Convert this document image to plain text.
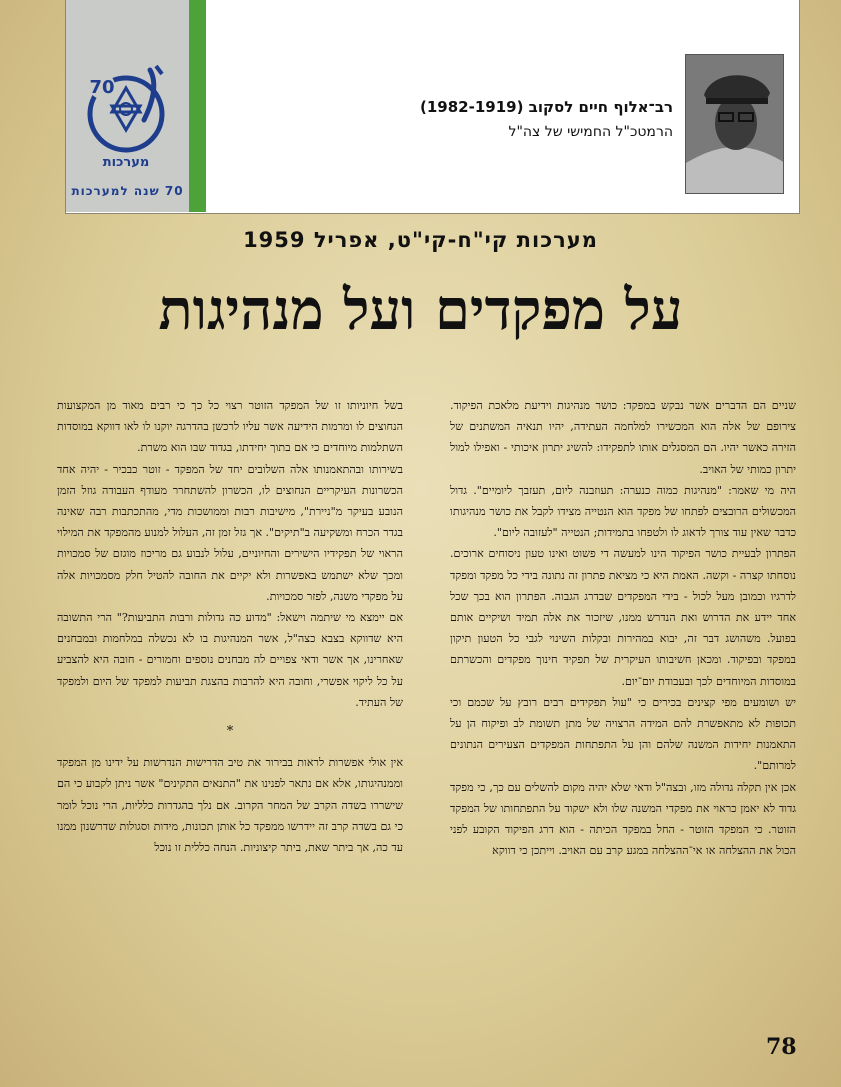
70
מערכות
70 שנה למערכות
רב־אלוף חיים לסקוב (1982-1919)
הרמטכ"ל החמישי של צה"ל
מערכות קי"ח-קי"ט, אפריל 1959
על מפקדים ועל מנהיגות

שניים הם הדברים אשר נבקש במפקד: כושר מנהיגות וידיעת מלאכת הפיקוד. צירופם של אלה הוא המכשירו למלחמה העתידה, יהיו תנאיה המשתנים של הזירה כאשר יהיו. הם המסגלים אותו לתפקידו: להשיג יתרון איכותי - ואפילו למול יתרון כמותי של האויב.

היה מי שאמר: "מנהיגות כמוה כנערה: תעוזבנה ליום, תעזבך ליומיים". גדול המכשולים הרובצים לפתחו של מפקד הוא הנטייה מצידו לקבל את כושר מנהיגותו כדבר שאין עוד צורך לדאוג לו ולטפחו בתמידות; הנטייה "לעזובה ליום".

הפתרון לבעיית כושר הפיקוד הינו למעשה די פשוט ואינו טעון ניסוחים ארוכים. נוסחתו קצרה - וקשה. האמת היא כי מציאת פתרון זה נתונה בידי כל מפקד ומפקד לדרגיו וכמובן מעל לכול - בידי המפקדים שבדרג הגבוה. הפתרון הוא בכך שכל אחד יידע את הדרוש ואת הנדרש ממנו, שיזכור את אלה תמיד ושיקיים אותם בפועל. משהושג דבר זה, יבוא במהירות ובקלות השינוי לגבי כל הטעון תיקון במפקד ובפיקוד. ומכאן חשיבותו העיקרית של תפקיד חינוך מפקדים והכשרתם במוסדות המיוחדים לכך ובעבודת יום־יום.

יש ושומעים מפי קצינים בכירים כי "עול תפקידים רבים רובץ על שכמם וכי תכופות לא מתאפשרת להם המידה הרצויה של מתן תשומת לב ופיקוח הן על התאמנות יחידות המשנה שלהם והן על התפתחות המפקדים הצעירים הנתונים למרותם".

אכן אין תקלה גדולה מזו, ובצה"ל ודאי שלא יהיה מקום להשלים עם כך, כי מפקד גדוד לא יאמן כראוי את מפקדי המשנה שלו ולא ישקוד על התפתחותו של המפקד הזוטר. כי המפקד הזוטר - החל במפקד הכיתה - הוא דרג הפיקוד הקובע לפני הכול את ההצלחה או אי־ההצלחה במגע קרב עם האויב. וייתכן כי דווקא

בשל חיוניותו זו של המפקד הזוטר רצוי כל כך כי רבים מאוד מן המקצועות הנחוצים לו ומרמות הידיעה אשר עליו לרכשן בהדרגה יוקנו לו לאו דווקא במוסדות השתלמות מיוחדים כי אם בתוך יחידתו, בגדוד שבו הוא משרת.

בשירותו ובהתאמנותו אלה השלובים יחד של המפקד - זוטר כבכיר - יהיה אחד הכשרונות העיקריים הנחוצים לו, הכשרון להשתחרר מעודף העבודה גוזל הזמן הנובע בעיקר מ"ניירת", מישיבות רבות וממושכות מדי, מהתכתבות רבה שאינה בגדר הכרח ומשקיעה ב"תיקים". אך גזל זמן זה, העלול למנוע מהמפקד את המילוי הראוי של תפקידיו הישירים והחיוניים, עלול לנבוע גם מריכוז מוגזם של סמכויות ומכך שלא ישתמש באפשרות ולא יקיים את החובה להטיל חלק מסמכויות אלה על מפקדי משנה, לפזר סמכויות.

אם יימצא מי שיתמה וישאל: "מדוע כה גדולות ורבות התביעות?" הרי התשובה היא שדווקא בצבא כצה"ל, אשר המנהיגות בו לא נכשלה במלחמות ובמבחנים שאחרינו, אך אשר ודאי צפויים לה מבחנים נוספים וחמורים - חובה היא להצביע על כל ליקוי אפשרי, וחובה היא להרבות בהצגת תביעות למפקד של היום ולמפקד של העתיד.

*

אין אולי אפשרות לראות בבירור את טיב הדרישות הנדרשות על ידינו מן המפקד וממנהיגותו, אלא אם נתאר לפנינו את "התנאים התקינים" אשר ניתן לקבוע כי הם שישררו בשדה הקרב של המחר הקרוב. אם נלך בהגדרות כלליות, הרי נוכל לומר כי גם בשדה קרב זה יידרשו ממפקד כל אותן תכונות, מידות וסגולות שדרשנון ממנו עד כה, אך ביתר שאת, ביתר קיצוניות. הנחה כללית זו נוכל

78
